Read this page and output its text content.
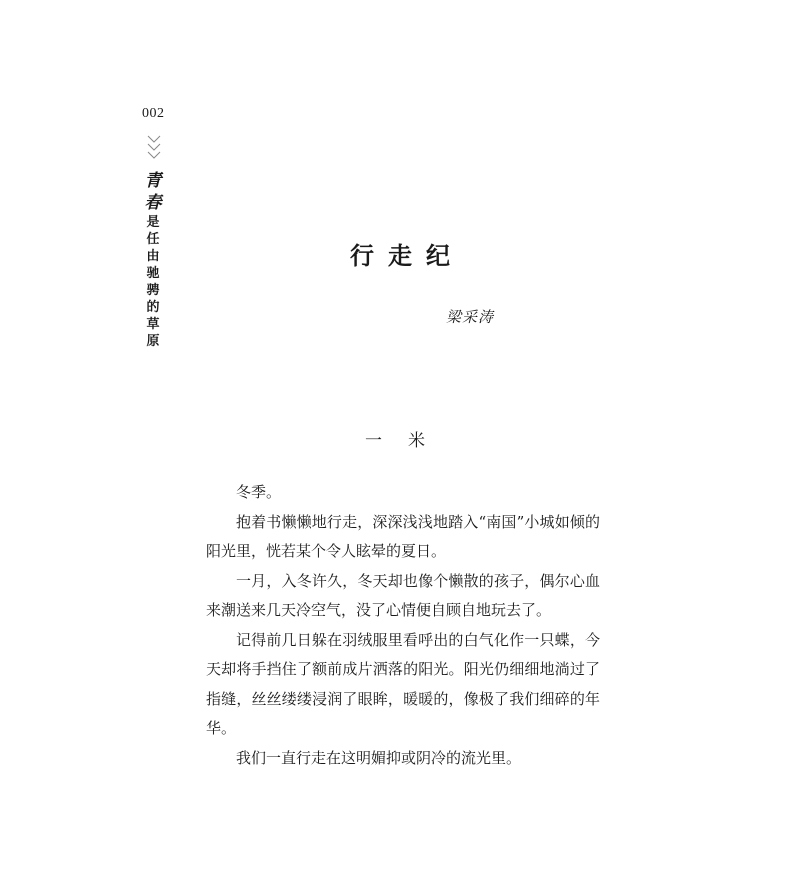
002
青
春
是
任
由
驰
骋
的
草
原
行走纪
梁采涛
一米

冬季。

抱着书懒懒地行走，深深浅浅地踏入“南国”小城如倾的阳光里，恍若某个令人眩晕的夏日。

一月，入冬许久，冬天却也像个懒散的孩子，偶尔心血来潮送来几天冷空气，没了心情便自顾自地玩去了。

记得前几日躲在羽绒服里看呼出的白气化作一只蝶，今天却将手挡住了额前成片洒落的阳光。阳光仍细细地淌过了指缝，丝丝缕缕浸润了眼眸，暖暖的，像极了我们细碎的年华。

我们一直行走在这明媚抑或阴冷的流光里。
